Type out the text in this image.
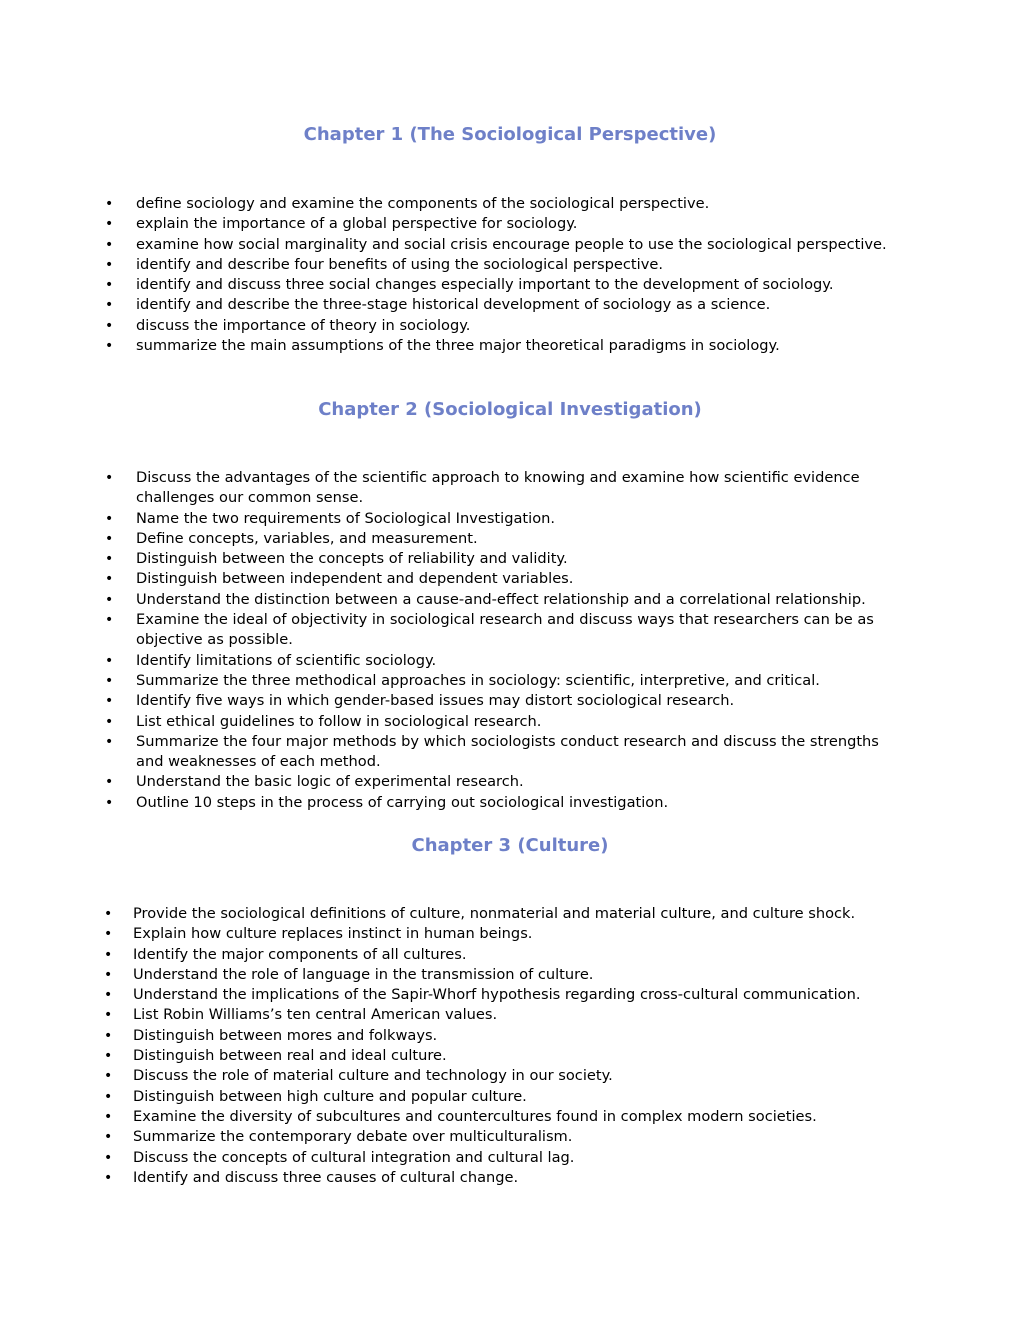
Chapter 1 (The Sociological Perspective)
• define sociology and examine the components of the sociological perspective.
• explain the importance of a global perspective for sociology.
• examine how social marginality and social crisis encourage people to use the sociological perspective.
• identify and describe four benefits of using the sociological perspective.
• identify and discuss three social changes especially important to the development of sociology.
• identify and describe the three-stage historical development of sociology as a science.
• discuss the importance of theory in sociology.
• summarize the main assumptions of the three major theoretical paradigms in sociology.
Chapter 2 (Sociological Investigation)
• Discuss the advantages of the scientific approach to knowing and examine how scientific evidence challenges our common sense.
• Name the two requirements of Sociological Investigation.
• Define concepts, variables, and measurement.
• Distinguish between the concepts of reliability and validity.
• Distinguish between independent and dependent variables.
• Understand the distinction between a cause-and-effect relationship and a correlational relationship.
• Examine the ideal of objectivity in sociological research and discuss ways that researchers can be as objective as possible.
• Identify limitations of scientific sociology.
• Summarize the three methodical approaches in sociology: scientific, interpretive, and critical.
• Identify five ways in which gender-based issues may distort sociological research.
• List ethical guidelines to follow in sociological research.
• Summarize the four major methods by which sociologists conduct research and discuss the strengths and weaknesses of each method.
• Understand the basic logic of experimental research.
• Outline 10 steps in the process of carrying out sociological investigation.
Chapter 3 (Culture)
• Provide the sociological definitions of culture, nonmaterial and material culture, and culture shock.
• Explain how culture replaces instinct in human beings.
• Identify the major components of all cultures.
• Understand the role of language in the transmission of culture.
• Understand the implications of the Sapir-Whorf hypothesis regarding cross-cultural communication.
• List Robin Williams’s ten central American values.
• Distinguish between mores and folkways.
• Distinguish between real and ideal culture.
• Discuss the role of material culture and technology in our society.
• Distinguish between high culture and popular culture.
• Examine the diversity of subcultures and countercultures found in complex modern societies.
• Summarize the contemporary debate over multiculturalism.
• Discuss the concepts of cultural integration and cultural lag.
• Identify and discuss three causes of cultural change.
